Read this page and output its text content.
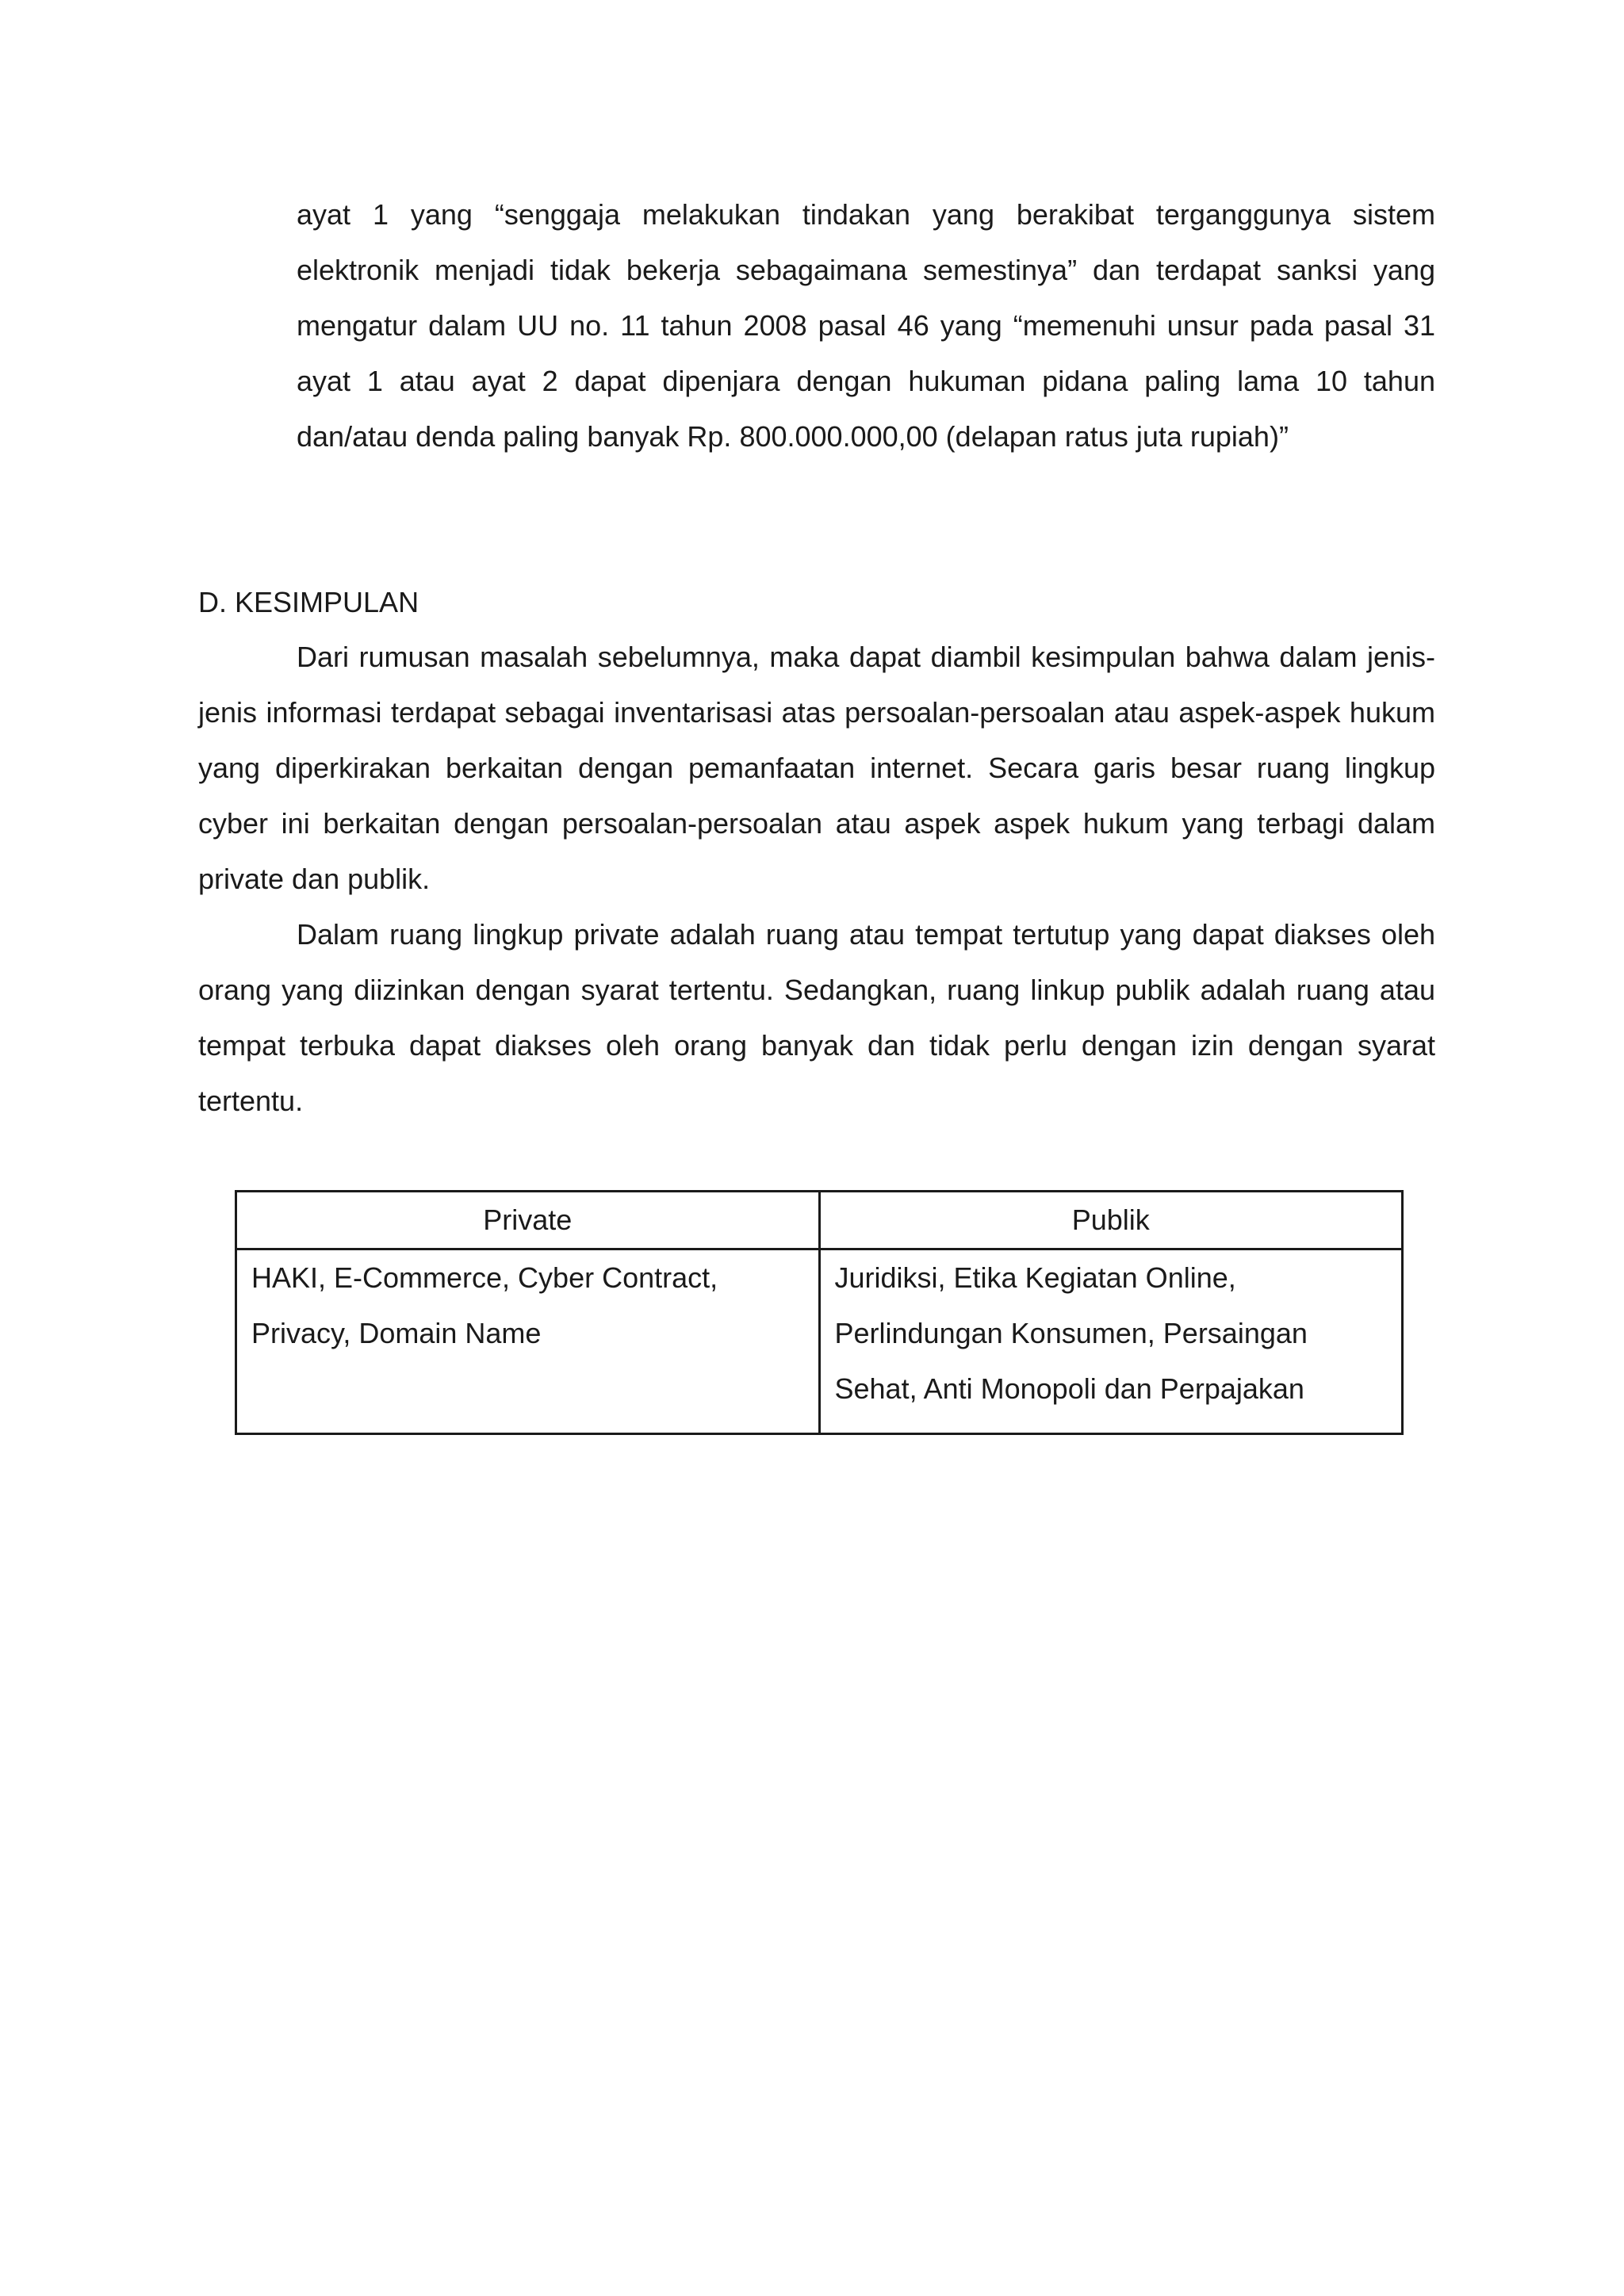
ayat 1 yang “senggaja melakukan tindakan yang berakibat terganggunya sistem elektronik menjadi tidak bekerja sebagaimana semestinya” dan terdapat sanksi yang mengatur dalam UU no. 11 tahun 2008 pasal 46 yang “memenuhi unsur pada pasal 31 ayat 1 atau ayat 2 dapat dipenjara dengan hukuman pidana paling lama 10 tahun dan/atau denda paling banyak Rp. 800.000.000,00 (delapan ratus juta rupiah)”

D. KESIMPULAN

Dari rumusan masalah sebelumnya, maka dapat diambil kesimpulan bahwa dalam jenis-jenis informasi terdapat sebagai inventarisasi atas persoalan-persoalan atau aspek-aspek hukum yang diperkirakan berkaitan dengan pemanfaatan internet. Secara garis besar ruang lingkup cyber ini berkaitan dengan persoalan-persoalan atau aspek aspek hukum yang terbagi dalam private dan publik.

Dalam ruang lingkup private adalah ruang atau tempat tertutup yang dapat diakses oleh orang yang diizinkan dengan syarat tertentu. Sedangkan, ruang linkup publik adalah ruang atau tempat terbuka dapat diakses oleh orang banyak dan tidak perlu dengan izin dengan syarat tertentu.

Private	Publik
HAKI, E-Commerce, Cyber Contract, Privacy, Domain Name	Juridiksi, Etika Kegiatan Online, Perlindungan Konsumen, Persaingan Sehat, Anti Monopoli dan Perpajakan
